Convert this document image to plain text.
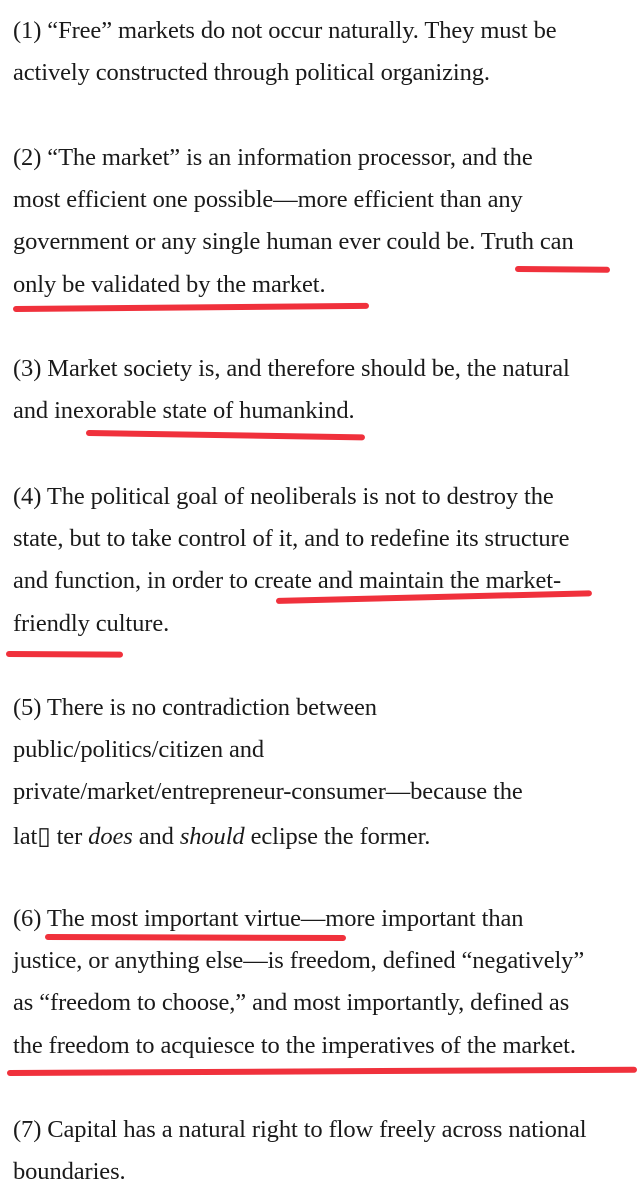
(1) “Free” markets do not occur naturally. They must be
actively constructed through political organizing.
(2) “The market” is an information processor, and the
most efficient one possible—more efficient than any
government or any single human ever could be. Truth can
only be validated by the market.
(3) Market society is, and therefore should be, the natural
and inexorable state of humankind.
(4) The political goal of neoliberals is not to destroy the
state, but to take control of it, and to redefine its structure
and function, in order to create and maintain the market-
friendly culture.
(5) There is no contradiction between
public/politics/citizen and
private/market/entrepreneur-consumer—because the
lat▯ ter does and should eclipse the former.
(6) The most important virtue—more important than
justice, or anything else—is freedom, defined “negatively”
as “freedom to choose,” and most importantly, defined as
the freedom to acquiesce to the imperatives of the market.
(7) Capital has a natural right to flow freely across national
boundaries.
